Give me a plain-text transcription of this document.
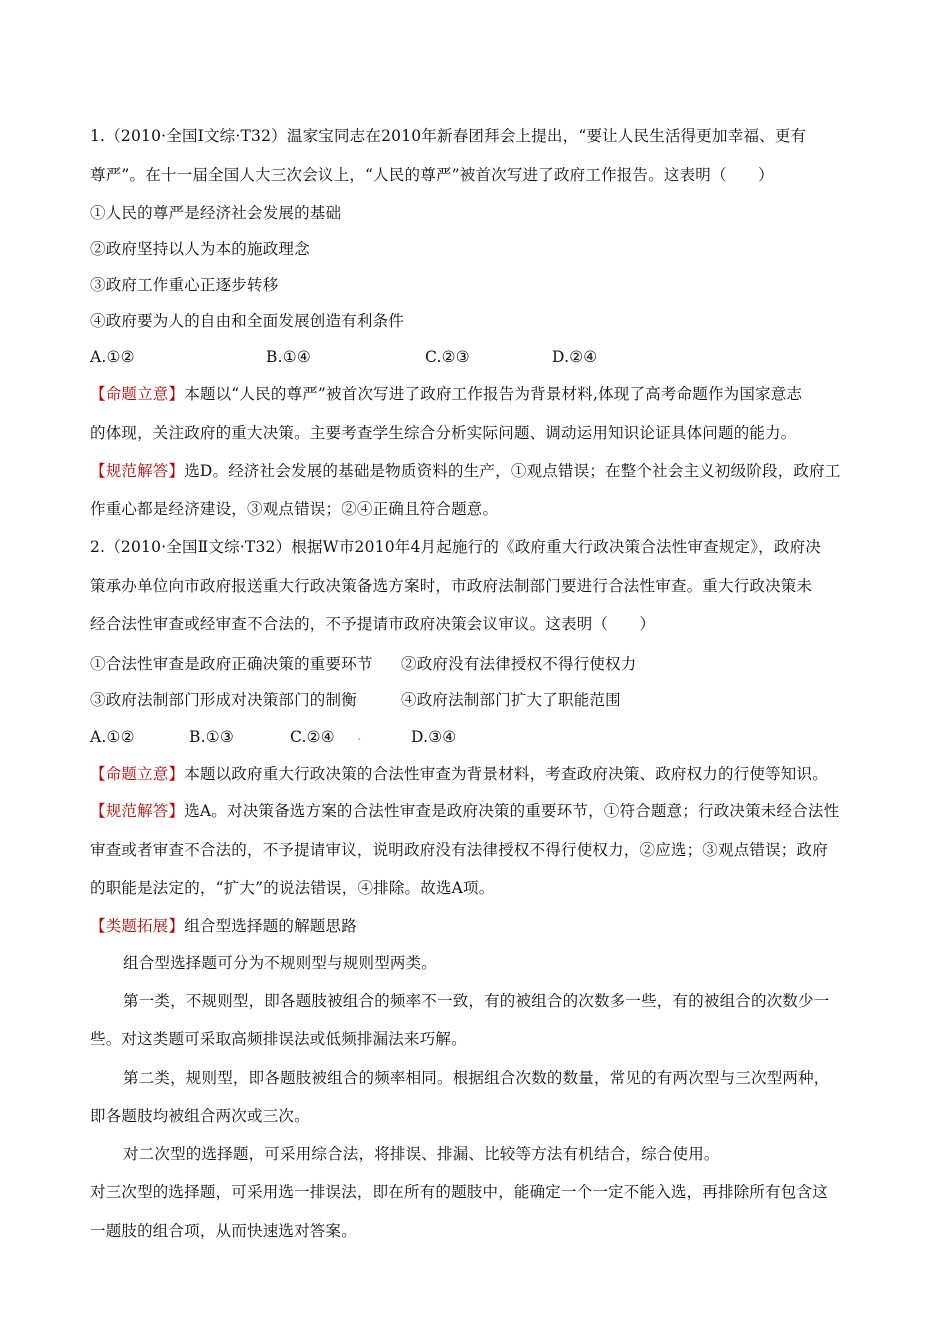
1.（2010·全国Ⅰ文综·T32）温家宝同志在2010年新春团拜会上提出，“要让人民生活得更加幸福、更有
尊严”。在十一届全国人大三次会议上，“人民的尊严”被首次写进了政府工作报告。这表明（　　）
①人民的尊严是经济社会发展的基础
②政府坚持以人为本的施政理念
③政府工作重心正逐步转移
④政府要为人的自由和全面发展创造有利条件
A.①②	B.①④	C.②③	D.②④
【命题立意】本题以“人民的尊严”被首次写进了政府工作报告为背景材料,体现了高考命题作为国家意志
的体现，关注政府的重大决策。主要考查学生综合分析实际问题、调动运用知识论证具体问题的能力。
【规范解答】选D。经济社会发展的基础是物质资料的生产，①观点错误；在整个社会主义初级阶段，政府工
作重心都是经济建设，③观点错误；②④正确且符合题意。
2.（2010·全国Ⅱ文综·T32）根据W市2010年4月起施行的《政府重大行政决策合法性审查规定》，政府决
策承办单位向市政府报送重大行政决策备选方案时，市政府法制部门要进行合法性审查。重大行政决策未
经合法性审查或经审查不合法的，不予提请市政府决策会议审议。这表明（　　）
①合法性审查是政府正确决策的重要环节 ②政府没有法律授权不得行使权力
③政府法制部门形成对决策部门的制衡	④政府法制部门扩大了职能范围
A.①②	B.①③	C.②④ .	D.③④
【命题立意】本题以政府重大行政决策的合法性审查为背景材料，考查政府决策、政府权力的行使等知识。
【规范解答】选A。对决策备选方案的合法性审查是政府决策的重要环节，①符合题意；行政决策未经合法性
审查或者审查不合法的，不予提请审议，说明政府没有法律授权不得行使权力，②应选；③观点错误；政府
的职能是法定的，“扩大”的说法错误，④排除。故选A项。
【类题拓展】组合型选择题的解题思路
组合型选择题可分为不规则型与规则型两类。
第一类，不规则型，即各题肢被组合的频率不一致，有的被组合的次数多一些，有的被组合的次数少一
些。对这类题可采取高频排误法或低频排漏法来巧解。
第二类，规则型，即各题肢被组合的频率相同。根据组合次数的数量，常见的有两次型与三次型两种，
即各题肢均被组合两次或三次。
对二次型的选择题，可采用综合法，将排误、排漏、比较等方法有机结合，综合使用。
对三次型的选择题，可采用选一排误法，即在所有的题肢中，能确定一个一定不能入选，再排除所有包含这
一题肢的组合项，从而快速选对答案。
